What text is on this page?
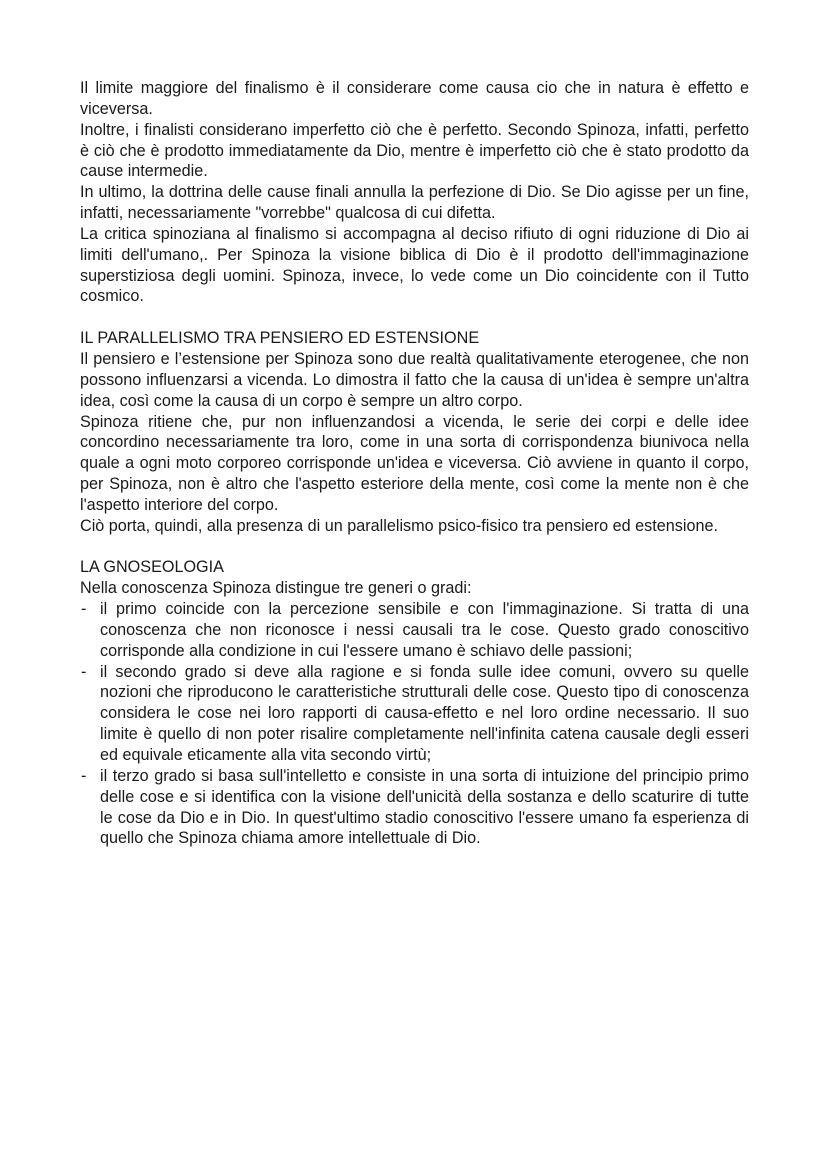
Il limite maggiore del finalismo è il considerare come causa cio che in natura è effetto e viceversa.

Inoltre, i finalisti considerano imperfetto ciò che è perfetto. Secondo Spinoza, infatti, perfetto è ciò che è prodotto immediatamente da Dio, mentre è imperfetto ciò che è stato prodotto da cause intermedie.

In ultimo, la dottrina delle cause finali annulla la perfezione di Dio. Se Dio agisse per un fine, infatti, necessariamente "vorrebbe" qualcosa di cui difetta.

La critica spinoziana al finalismo si accompagna al deciso rifiuto di ogni riduzione di Dio ai limiti dell'umano,. Per Spinoza la visione biblica di Dio è il prodotto dell'immaginazione superstiziosa degli uomini. Spinoza, invece, lo vede come un Dio coincidente con il Tutto cosmico.

IL PARALLELISMO TRA PENSIERO ED ESTENSIONE

Il pensiero e l’estensione per Spinoza sono due realtà qualitativamente eterogenee, che non possono influenzarsi a vicenda. Lo dimostra il fatto che la causa di un'idea è sempre un'altra idea, così come la causa di un corpo è sempre un altro corpo.

Spinoza ritiene che, pur non influenzandosi a vicenda, le serie dei corpi e delle idee concordino necessariamente tra loro, come in una sorta di corrispondenza biunivoca nella quale a ogni moto corporeo corrisponde un'idea e viceversa. Ciò avviene in quanto il corpo, per Spinoza, non è altro che l'aspetto esteriore della mente, così come la mente non è che l'aspetto interiore del corpo.

Ciò porta, quindi, alla presenza di un parallelismo psico-fisico tra pensiero ed estensione.

LA GNOSEOLOGIA

Nella conoscenza Spinoza distingue tre generi o gradi:

- il primo coincide con la percezione sensibile e con l'immaginazione. Si tratta di una conoscenza che non riconosce i nessi causali tra le cose. Questo grado conoscitivo corrisponde alla condizione in cui l'essere umano è schiavo delle passioni;
- il secondo grado si deve alla ragione e si fonda sulle idee comuni, ovvero su quelle nozioni che riproducono le caratteristiche strutturali delle cose. Questo tipo di conoscenza considera le cose nei loro rapporti di causa-effetto e nel loro ordine necessario. Il suo limite è quello di non poter risalire completamente nell'infinita catena causale degli esseri ed equivale eticamente alla vita secondo virtù;
- il terzo grado si basa sull'intelletto e consiste in una sorta di intuizione del principio primo delle cose e si identifica con la visione dell'unicità della sostanza e dello scaturire di tutte le cose da Dio e in Dio. In quest'ultimo stadio conoscitivo l'essere umano fa esperienza di quello che Spinoza chiama amore intellettuale di Dio.
